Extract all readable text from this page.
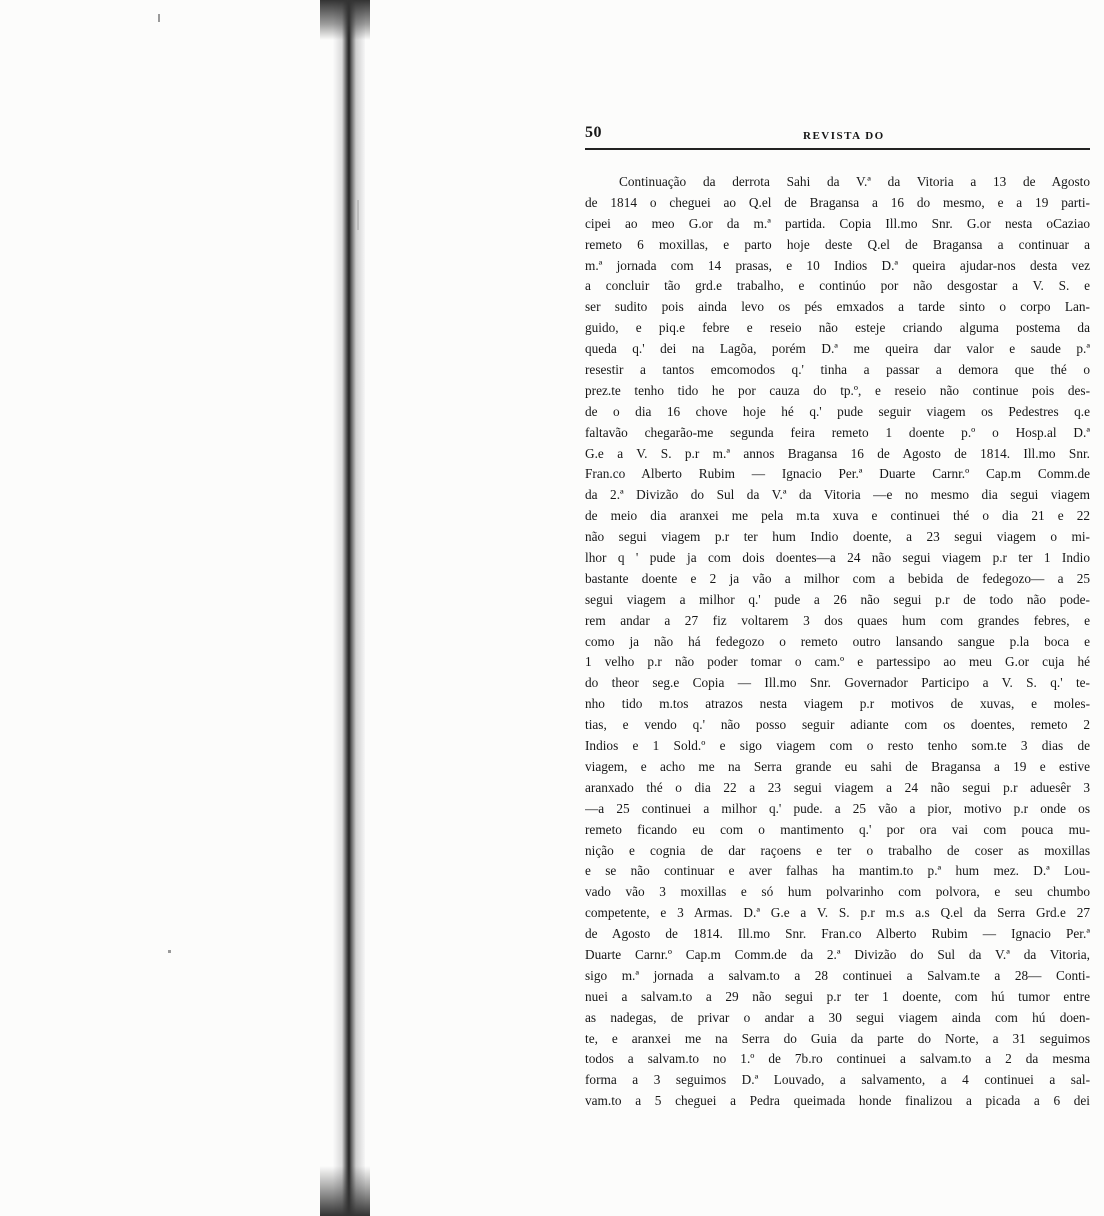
50	REVISTA DO
Continuação da derrota Sahi da V.ª da Vitoria a 13 de Agosto
de 1814 o cheguei ao Q.el de Bragansa a 16 do mesmo, e a 19 parti-
cipei ao meo G.or da m.ª partida. Copia Ill.mo Snr. G.or nesta oCaziao
remeto 6 moxillas, e parto hoje deste Q.el de Bragansa a continuar a
m.ª jornada com 14 prasas, e 10 Indios D.ª queira ajudar-nos desta vez
a concluir tão grd.e trabalho, e continúo por não desgostar a V. S. e
ser sudito pois ainda levo os pés emxados a tarde sinto o corpo Lan-
guido, e piq.e febre e reseio não esteje criando alguma postema da
queda q.' dei na Lagõa, porém D.ª me queira dar valor e saude p.ª
resestir a tantos emcomodos q.' tinha a passar a demora que thé o
prez.te tenho tido he por cauza do tp.º, e reseio não continue pois des-
de o dia 16 chove hoje hé q.' pude seguir viagem os Pedestres q.e
faltavão chegarão-me segunda feira remeto 1 doente p.º o Hosp.al D.ª
G.e a V. S. p.r m.ª annos Bragansa 16 de Agosto de 1814. Ill.mo Snr.
Fran.co Alberto Rubim — Ignacio Per.ª Duarte Carnr.º Cap.m Comm.de
da 2.ª Divizão do Sul da V.ª da Vitoria —e no mesmo dia segui viagem
de meio dia aranxei me pela m.ta xuva e continuei thé o dia 21 e 22
não segui viagem p.r ter hum Indio doente, a 23 segui viagem o mi-
lhor q ' pude ja com dois doentes—a 24 não segui viagem p.r ter 1 Indio
bastante doente e 2 ja vão a milhor com a bebida de fedegozo— a 25
segui viagem a milhor q.' pude a 26 não segui p.r de todo não pode-
rem andar a 27 fiz voltarem 3 dos quaes hum com grandes febres, e
como ja não há fedegozo o remeto outro lansando sangue p.la boca e
1 velho p.r não poder tomar o cam.º e partessipo ao meu G.or cuja hé
do theor seg.e Copia — Ill.mo Snr. Governador Participo a V. S. q.' te-
nho tido m.tos atrazos nesta viagem p.r motivos de xuvas, e moles-
tias, e vendo q.' não posso seguir adiante com os doentes, remeto 2
Indios e 1 Sold.º e sigo viagem com o resto tenho som.te 3 dias de
viagem, e acho me na Serra grande eu sahi de Bragansa a 19 e estive
aranxado thé o dia 22 a 23 segui viagem a 24 não segui p.r aduesêr 3
—a 25 continuei a milhor q.' pude. a 25 vão a pior, motivo p.r onde os
remeto ficando eu com o mantimento q.' por ora vai com pouca mu-
nição e cognia de dar raçoens e ter o trabalho de coser as moxillas
e se não continuar e aver falhas ha mantim.to p.ª hum mez. D.ª Lou-
vado vão 3 moxillas e só hum polvarinho com polvora, e seu chumbo
competente, e 3 Armas. D.ª G.e a V. S. p.r m.s a.s Q.el da Serra Grd.e 27
de Agosto de 1814. Ill.mo Snr. Fran.co Alberto Rubim — Ignacio Per.ª
Duarte Carnr.º Cap.m Comm.de da 2.ª Divizão do Sul da V.ª da Vitoria,
sigo m.ª jornada a salvam.to a 28 continuei a Salvam.te a 28— Conti-
nuei a salvam.to a 29 não segui p.r ter 1 doente, com hú tumor entre
as nadegas, de privar o andar a 30 segui viagem ainda com hú doen-
te, e aranxei me na Serra do Guia da parte do Norte, a 31 seguimos
todos a salvam.to no 1.º de 7b.ro continuei a salvam.to a 2 da mesma
forma a 3 seguimos D.ª Louvado, a salvamento, a 4 continuei a sal-
vam.to a 5 cheguei a Pedra queimada honde finalizou a picada a 6 dei
